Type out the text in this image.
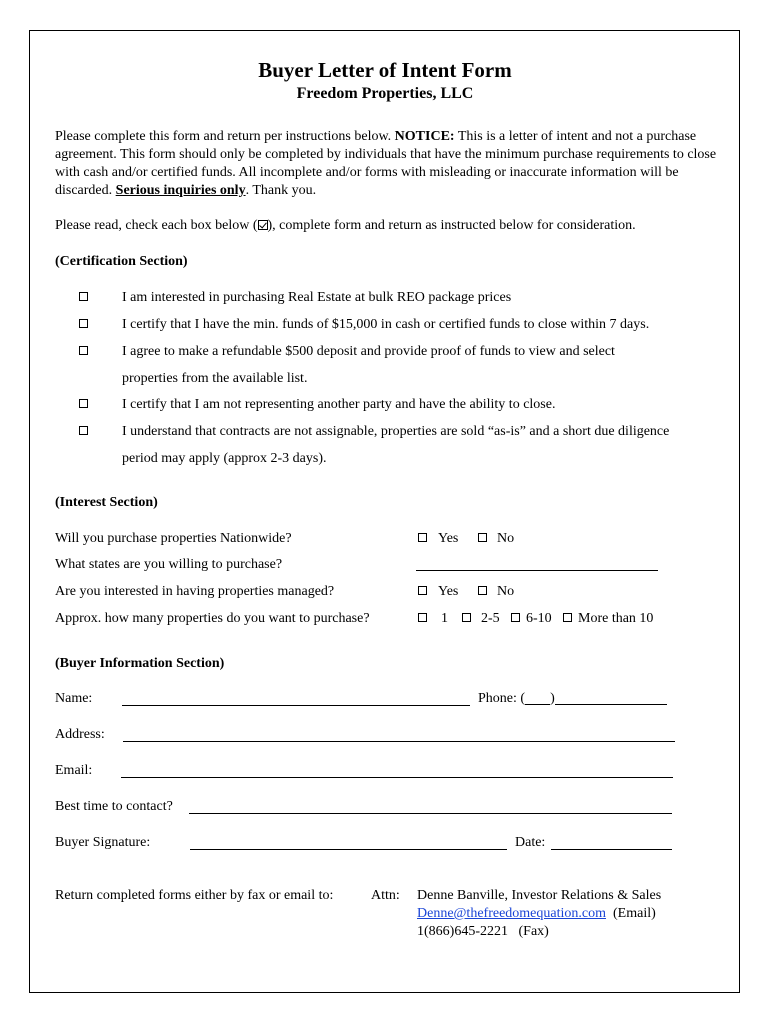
Buyer Letter of Intent Form
Freedom Properties, LLC
Please complete this form and return per instructions below. NOTICE: This is a letter of intent and not a purchase agreement. This form should only be completed by individuals that have the minimum purchase requirements to close with cash and/or certified funds. All incomplete and/or forms with misleading or inaccurate information will be discarded. Serious inquiries only. Thank you.
Please read, check each box below ( ), complete form and return as instructed below for consideration.
(Certification Section)
I am interested in purchasing Real Estate at bulk REO package prices
I certify that I have the min. funds of $15,000 in cash or certified funds to close within 7 days.
I agree to make a refundable $500 deposit and provide proof of funds to view and select
properties from the available list.
I certify that I am not representing another party and have the ability to close.
I understand that contracts are not assignable, properties are sold “as-is” and a short due diligence
period may apply (approx 2-3 days).
(Interest Section)
Will you purchase properties Nationwide?	Yes	No
What states are you willing to purchase?
Are you interested in having properties managed?	Yes	No
Approx. how many properties do you want to purchase?	1 2-5 6-10 More than 10
(Buyer Information Section)
Name:	Phone: ( )
Address:
Email:
Best time to contact?
Buyer Signature:	Date:
Return completed forms either by fax or email to:	Attn: Denne Banville, Investor Relations & Sales
Denne@thefreedomequation.com (Email)
1(866)645-2221 (Fax)
